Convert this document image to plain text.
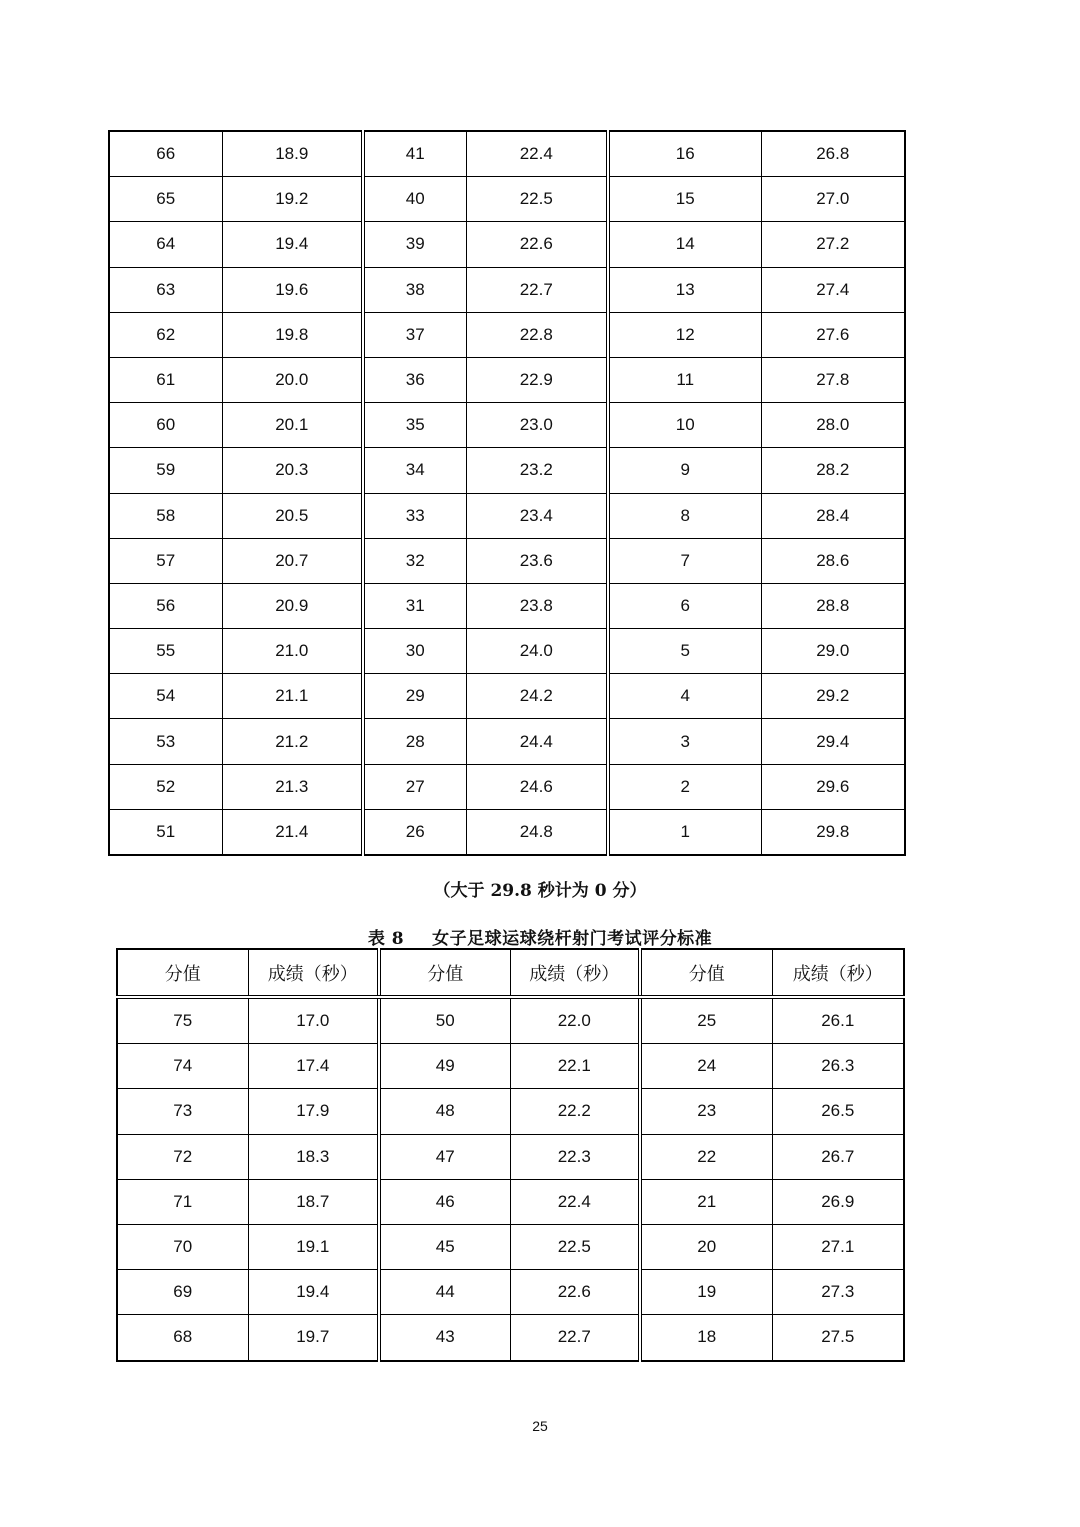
66	18.9	41	22.4	16	26.8
65	19.2	40	22.5	15	27.0
64	19.4	39	22.6	14	27.2
63	19.6	38	22.7	13	27.4
62	19.8	37	22.8	12	27.6
61	20.0	36	22.9	11	27.8
60	20.1	35	23.0	10	28.0
59	20.3	34	23.2	9	28.2
58	20.5	33	23.4	8	28.4
57	20.7	32	23.6	7	28.6
56	20.9	31	23.8	6	28.8
55	21.0	30	24.0	5	29.0
54	21.1	29	24.2	4	29.2
53	21.2	28	24.4	3	29.4
52	21.3	27	24.6	2	29.6
51	21.4	26	24.8	1	29.8
（大于 29.8 秒计为 0 分）
表 8 女子足球运球绕杆射门考试评分标准
分值	成绩（秒）	分值	成绩（秒）	分值	成绩（秒）
75	17.0	50	22.0	25	26.1
74	17.4	49	22.1	24	26.3
73	17.9	48	22.2	23	26.5
72	18.3	47	22.3	22	26.7
71	18.7	46	22.4	21	26.9
70	19.1	45	22.5	20	27.1
69	19.4	44	22.6	19	27.3
68	19.7	43	22.7	18	27.5
25
